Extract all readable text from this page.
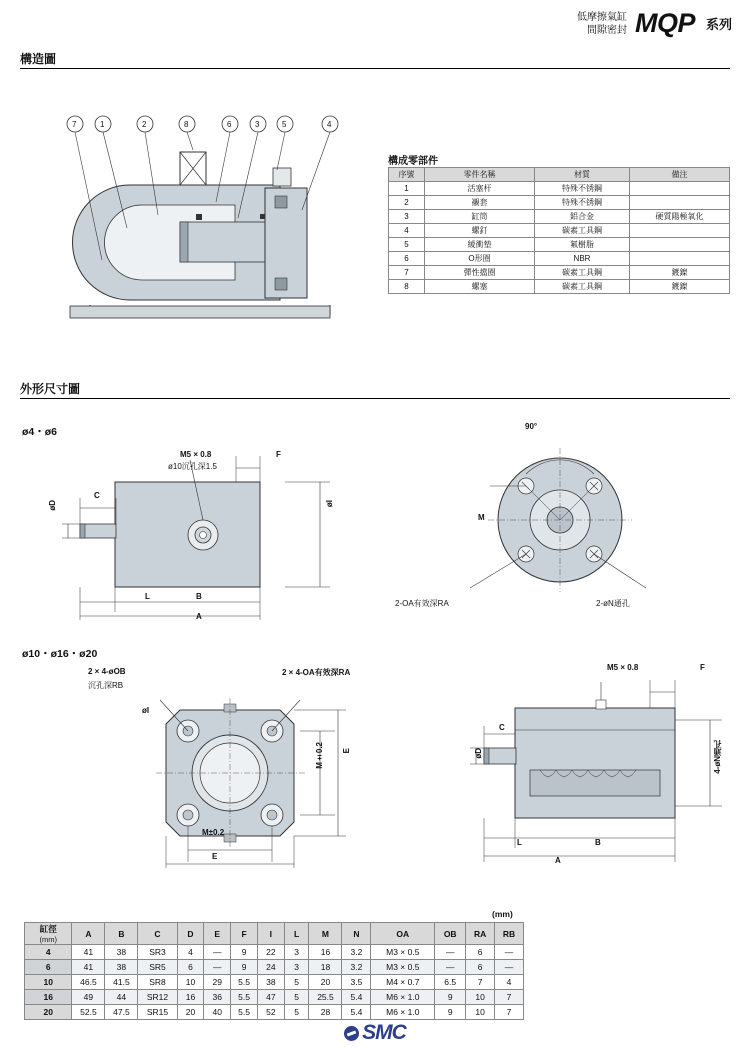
低摩擦氣缸
間隙密封 MQP 系列
構造圖
7	1	2	8	6	3	5	4
構成零部件
序號	零件名稱	材質	備注
1	活塞杆	特殊不锈鋼	
2	襯套	特殊不锈鋼	
3	缸筒	鋁合金	硬質陽極氧化
4	螺釘	碳素工具鋼	
5	緩衝墊	氟樹脂	
6	O形圈	NBR	
7	彈性擋圈	碳素工具鋼	鍍鎳
8	螺塞	碳素工具鋼	鍍鎳
外形尺寸圖
ø4・ø6
M5 × 0.8
ø10沉孔深1.5
F
C
øD	øI
L	B
A
90°
M
2-OA有效深RA	2-øN通孔
ø10・ø16・ø20
2 × 4-øOB
沉孔深RB
2 × 4-OA有效深RA
øI
M±0.2 E
M±0.2
E
M5 × 0.8	F
C
øD	4-øN通孔
L	B
A
(mm)
缸徑
(mm)	A	B	C	D	E	F	I	L	M	N	OA	OB	RA	RB
4	41	38	SR3	4	—	9	22	3	16	3.2	M3 × 0.5	—	6	—
6	41	38	SR5	6	—	9	24	3	18	3.2	M3 × 0.5	—	6	—
10	46.5	41.5	SR8	10	29	5.5	38	5	20	3.5	M4 × 0.7	6.5	7	4
16	49	44	SR12	16	36	5.5	47	5	25.5	5.4	M6 × 1.0	9	10	7
20	52.5	47.5	SR15	20	40	5.5	52	5	28	5.4	M6 × 1.0	9	10	7
SMC
